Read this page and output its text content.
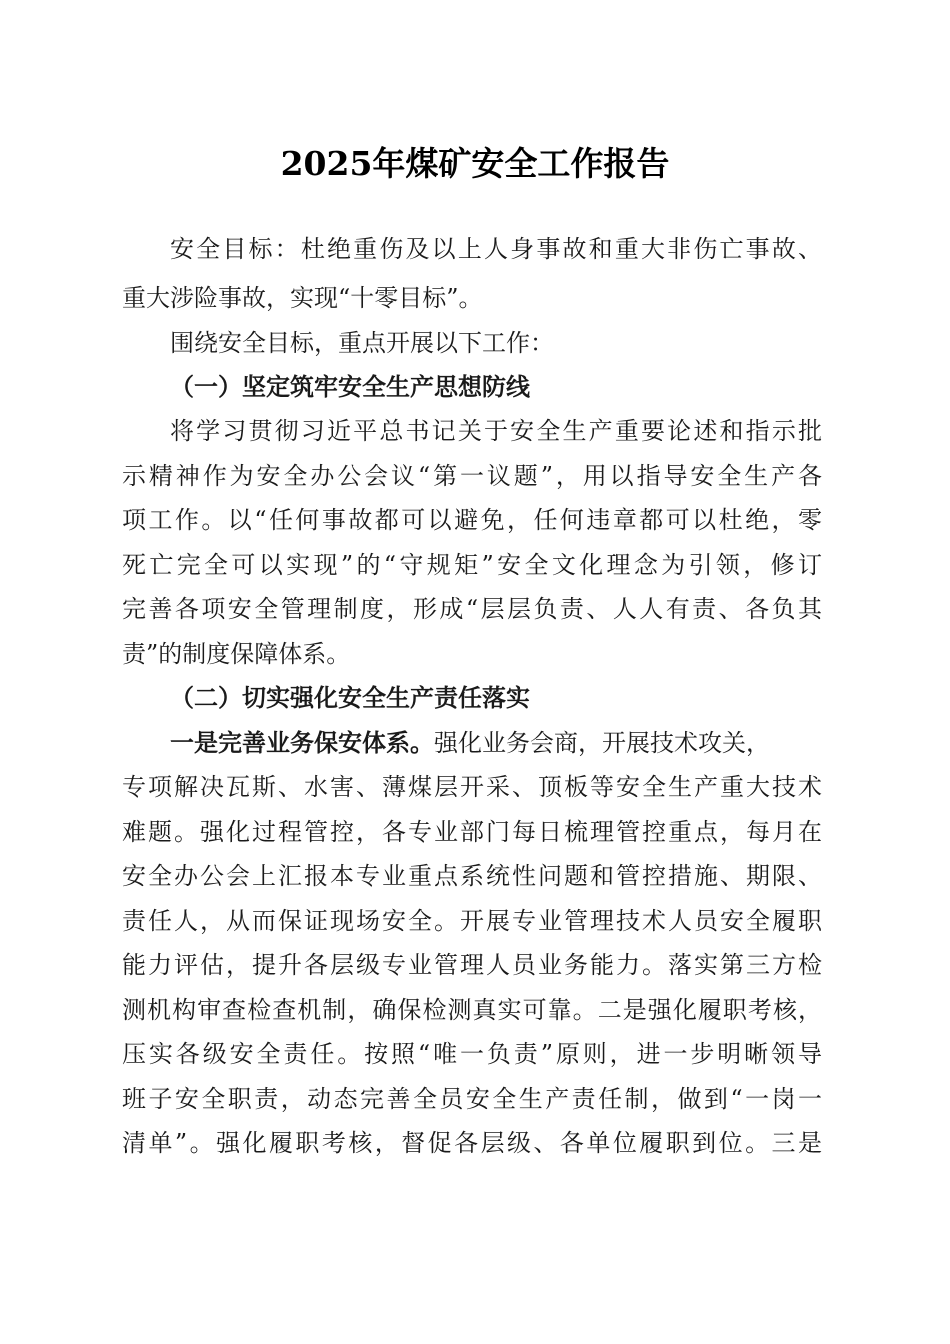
2025年煤矿安全工作报告

安全目标：杜绝重伤及以上人身事故和重大非伤亡事故、

重大涉险事故，实现“十零目标”。

围绕安全目标，重点开展以下工作：

（一）坚定筑牢安全生产思想防线

将学习贯彻习近平总书记关于安全生产重要论述和指示批

示精神作为安全办公会议“第一议题”，用以指导安全生产各

项工作。以“任何事故都可以避免，任何违章都可以杜绝，零

死亡完全可以实现”的“守规矩”安全文化理念为引领，修订

完善各项安全管理制度，形成“层层负责、人人有责、各负其

责”的制度保障体系。

（二）切实强化安全生产责任落实

一是完善业务保安体系。强化业务会商，开展技术攻关，

专项解决瓦斯、水害、薄煤层开采、顶板等安全生产重大技术

难题。强化过程管控，各专业部门每日梳理管控重点，每月在

安全办公会上汇报本专业重点系统性问题和管控措施、期限、

责任人，从而保证现场安全。开展专业管理技术人员安全履职

能力评估，提升各层级专业管理人员业务能力。落实第三方检

测机构审查检查机制，确保检测真实可靠。二是强化履职考核，

压实各级安全责任。按照“唯一负责”原则，进一步明晰领导

班子安全职责，动态完善全员安全生产责任制，做到“一岗一

清单”。强化履职考核，督促各层级、各单位履职到位。三是
